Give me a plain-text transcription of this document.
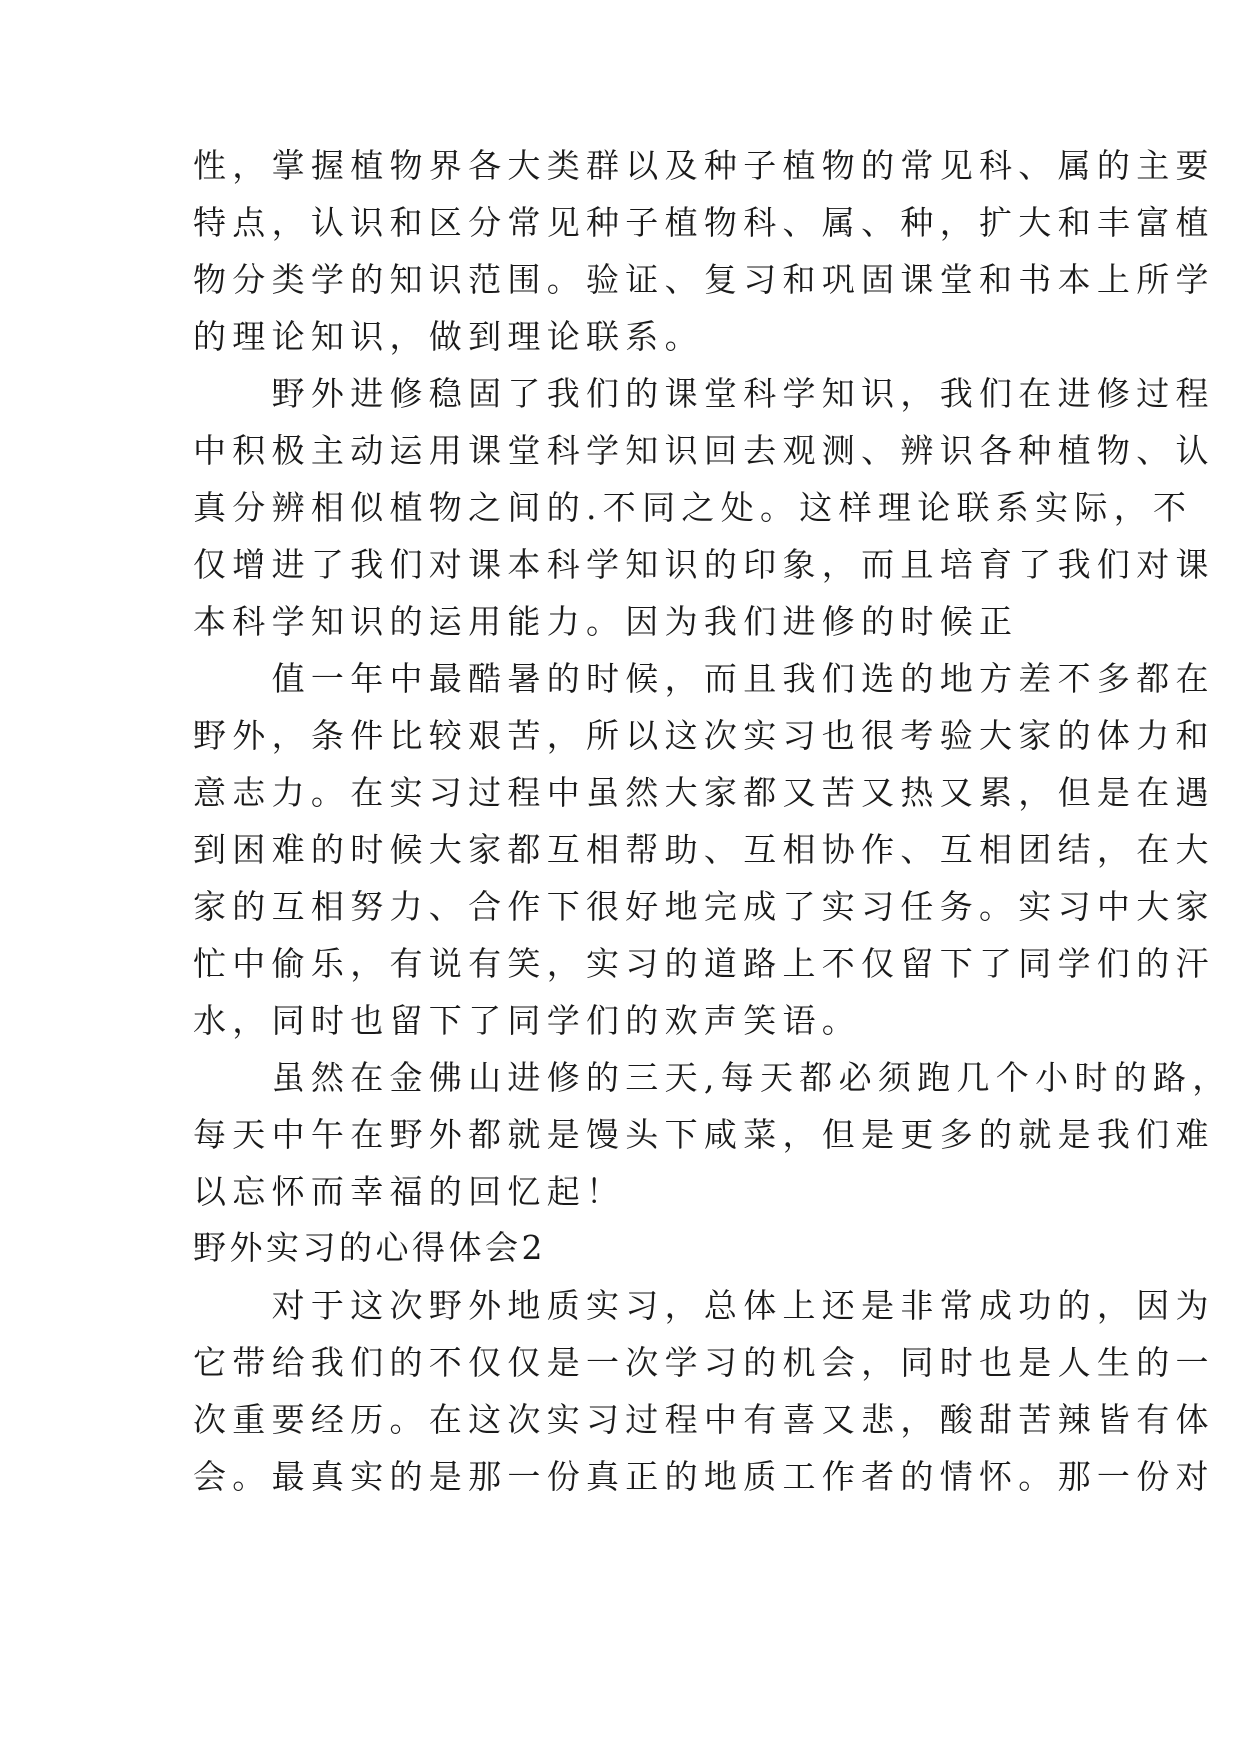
性，掌握植物界各大类群以及种子植物的常见科、属的主要
特点，认识和区分常见种子植物科、属、种，扩大和丰富植
物分类学的知识范围。验证、复习和巩固课堂和书本上所学
的理论知识，做到理论联系。
　　野外进修稳固了我们的课堂科学知识，我们在进修过程
中积极主动运用课堂科学知识回去观测、辨识各种植物、认
真分辨相似植物之间的.不同之处。这样理论联系实际，不
仅增进了我们对课本科学知识的印象，而且培育了我们对课
本科学知识的运用能力。因为我们进修的时候正
　　值一年中最酷暑的时候，而且我们选的地方差不多都在
野外，条件比较艰苦，所以这次实习也很考验大家的体力和
意志力。在实习过程中虽然大家都又苦又热又累，但是在遇
到困难的时候大家都互相帮助、互相协作、互相团结，在大
家的互相努力、合作下很好地完成了实习任务。实习中大家
忙中偷乐，有说有笑，实习的道路上不仅留下了同学们的汗
水，同时也留下了同学们的欢声笑语。
　　虽然在金佛山进修的三天,每天都必须跑几个小时的路，
每天中午在野外都就是馒头下咸菜，但是更多的就是我们难
以忘怀而幸福的回忆起！
野外实习的心得体会2
　　对于这次野外地质实习，总体上还是非常成功的，因为
它带给我们的不仅仅是一次学习的机会，同时也是人生的一
次重要经历。在这次实习过程中有喜又悲，酸甜苦辣皆有体
会。最真实的是那一份真正的地质工作者的情怀。那一份对
